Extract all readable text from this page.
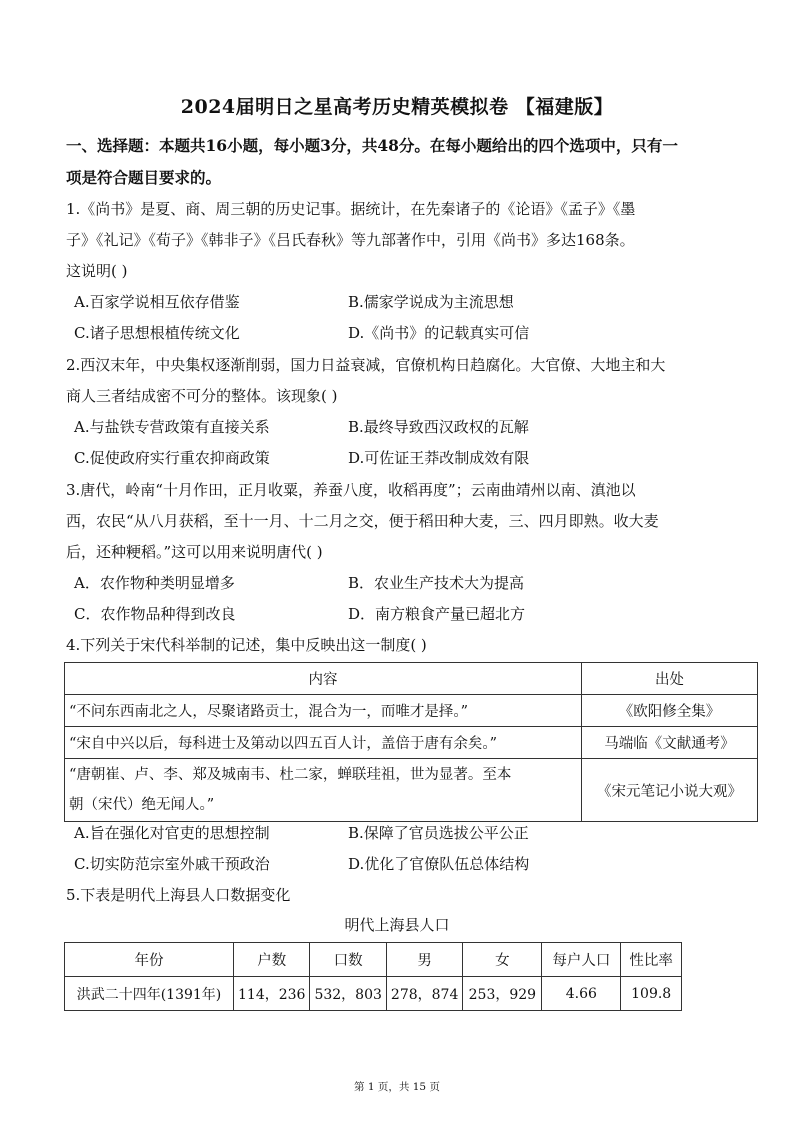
2024届明日之星高考历史精英模拟卷 【福建版】
一、选择题：本题共16小题，每小题3分，共48分。在每小题给出的四个选项中，只有一
项是符合题目要求的。
1.《尚书》是夏、商、周三朝的历史记事。据统计，在先秦诸子的《论语》《孟子》《墨
子》《礼记》《荀子》《韩非子》《吕氏春秋》等九部著作中，引用《尚书》多达168条。
这说明( )
A.百家学说相互依存借鉴	B.儒家学说成为主流思想
C.诸子思想根植传统文化	D.《尚书》的记载真实可信
2.西汉末年，中央集权逐渐削弱，国力日益衰减，官僚机构日趋腐化。大官僚、大地主和大
商人三者结成密不可分的整体。该现象( )
A.与盐铁专营政策有直接关系	B.最终导致西汉政权的瓦解
C.促使政府实行重农抑商政策	D.可佐证王莽改制成效有限
3.唐代，岭南“十月作田，正月收粟，养蚕八度，收稻再度”；云南曲靖州以南、滇池以
西，农民“从八月获稻，至十一月、十二月之交，便于稻田种大麦，三、四月即熟。收大麦
后，还种粳稻。”这可以用来说明唐代( )
A．农作物种类明显增多	B．农业生产技术大为提高
C．农作物品种得到改良	D．南方粮食产量已超北方
4.下列关于宋代科举制的记述，集中反映出这一制度( )
内容	出处
“不问东西南北之人，尽聚诸路贡士，混合为一，而唯才是择。”	《欧阳修全集》
“宋自中兴以后，每科进士及第动以四五百人计，盖倍于唐有余矣。”	马端临《文献通考》
“唐朝崔、卢、李、郑及城南韦、杜二家，蝉联珪祖，世为显著。至本
朝（宋代）绝无闻人。”	《宋元笔记小说大观》
A.旨在强化对官吏的思想控制	B.保障了官员选拔公平公正
C.切实防范宗室外戚干预政治	D.优化了官僚队伍总体结构
5.下表是明代上海县人口数据变化
明代上海县人口
年份	户数	口数	男	女	每户人口	性比率
洪武二十四年(1391年)	114，236	532，803	278，874	253，929	4.66	109.8
第 1 页，共 15 页
